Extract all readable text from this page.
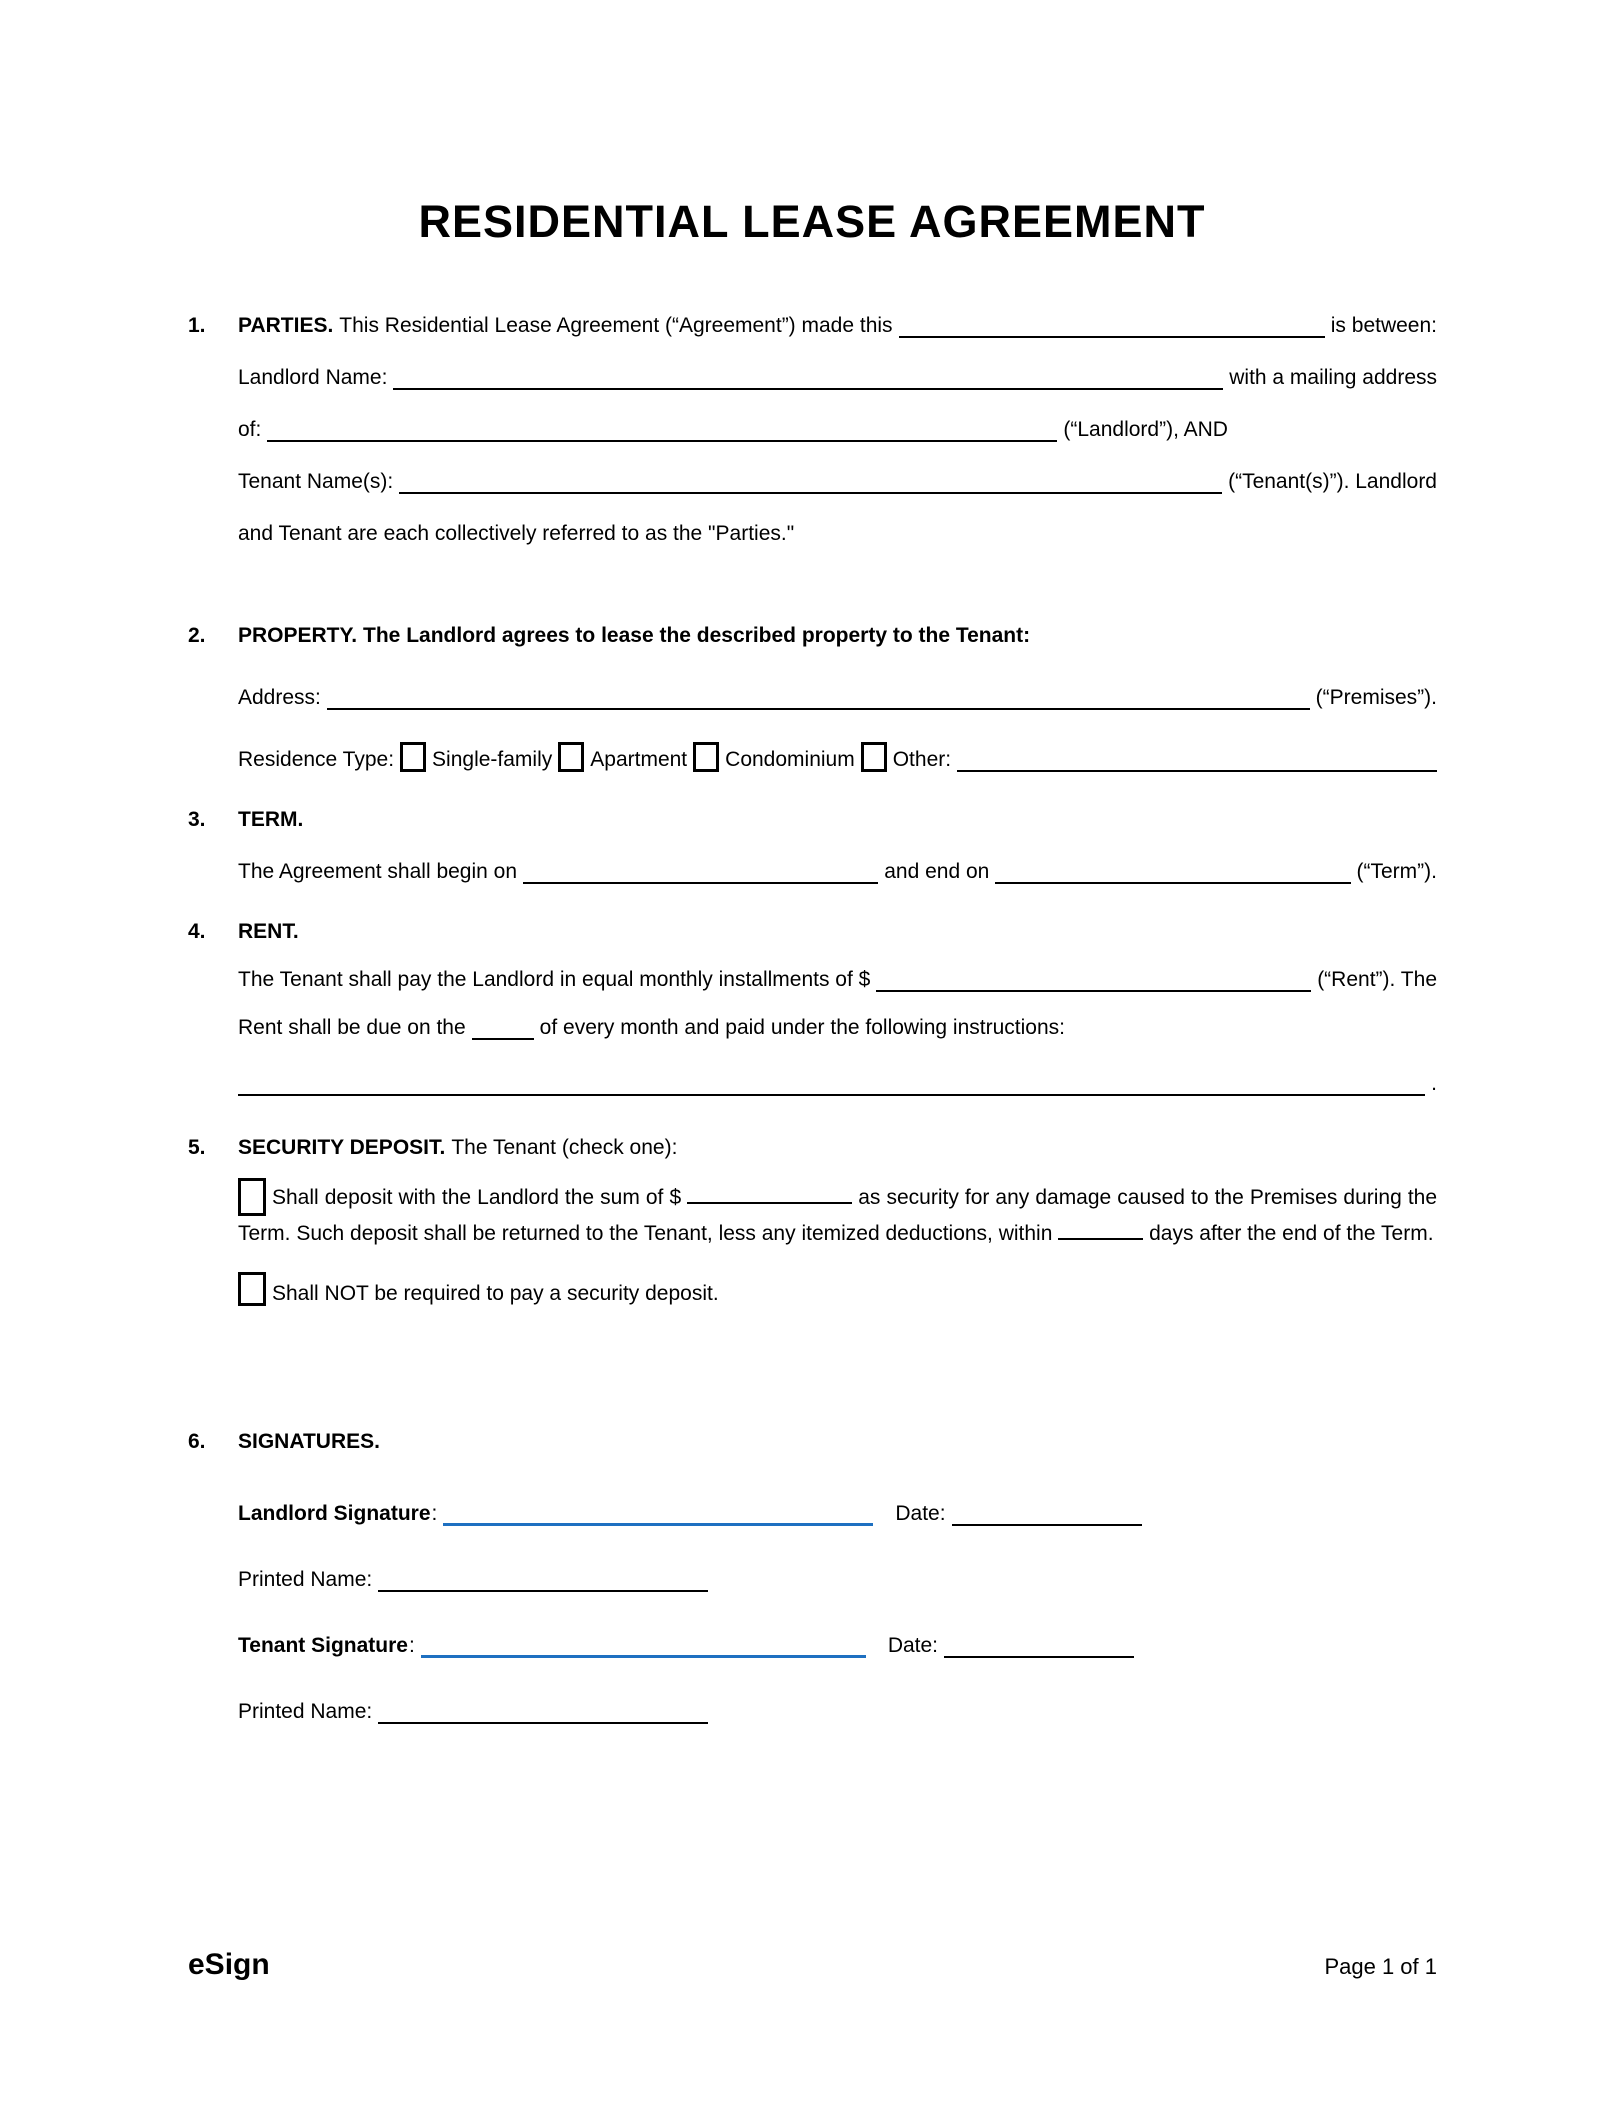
RESIDENTIAL LEASE AGREEMENT
1.	PARTIES. This Residential Lease Agreement (“Agreement”) made this	is between:
Landlord Name:	with a mailing address
of:	(“Landlord”), AND
Tenant Name(s):	(“Tenant(s)”). Landlord
and Tenant are each collectively referred to as the "Parties."
2.	PROPERTY. The Landlord agrees to lease the described property to the Tenant:
Address:	(“Premises”).
Residence Type: Single-family Apartment Condominium Other:
3.	TERM.
The Agreement shall begin on	and end on	(“Term”).
4.	RENT.
The Tenant shall pay the Landlord in equal monthly installments of $	(“Rent”). The
Rent shall be due on the	of every month and paid under the following instructions:
.
5.	SECURITY DEPOSIT. The Tenant (check one):
Shall deposit with the Landlord the sum of $	as security for any damage caused to the Premises during the Term. Such deposit shall be returned to the Tenant, less any itemized deductions, within	days after the end of the Term.
Shall NOT be required to pay a security deposit.
6.	SIGNATURES.
Landlord Signature :	Date:
Printed Name:
Tenant Signature :	Date:
Printed Name:
eSign	Page 1 of 1
